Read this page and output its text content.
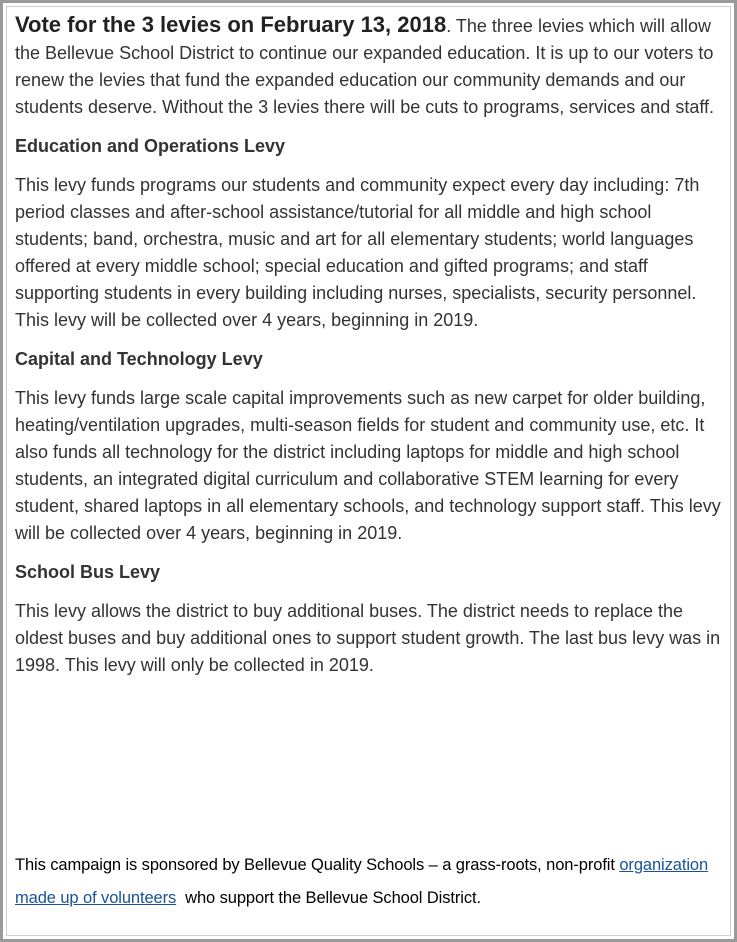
Vote for the 3 levies on February 13, 2018. The three levies which will allow the Bellevue School District to continue our expanded education. It is up to our voters to renew the levies that fund the expanded education our community demands and our students deserve. Without the 3 levies there will be cuts to programs, services and staff.

Education and Operations Levy

This levy funds programs our students and community expect every day including: 7th period classes and after-school assistance/tutorial for all middle and high school students; band, orchestra, music and art for all elementary students; world languages offered at every middle school; special education and gifted programs; and staff supporting students in every building including nurses, specialists, security personnel. This levy will be collected over 4 years, beginning in 2019.

Capital and Technology Levy

This levy funds large scale capital improvements such as new carpet for older building, heating/ventilation upgrades, multi-season fields for student and community use, etc. It also funds all technology for the district including laptops for middle and high school students, an integrated digital curriculum and collaborative STEM learning for every student, shared laptops in all elementary schools, and technology support staff. This levy will be collected over 4 years, beginning in 2019.

School Bus Levy

This levy allows the district to buy additional buses. The district needs to replace the oldest buses and buy additional ones to support student growth. The last bus levy was in 1998. This levy will only be collected in 2019.

This campaign is sponsored by Bellevue Quality Schools – a grass-roots, non-profit organization made up of volunteers  who support the Bellevue School District.
